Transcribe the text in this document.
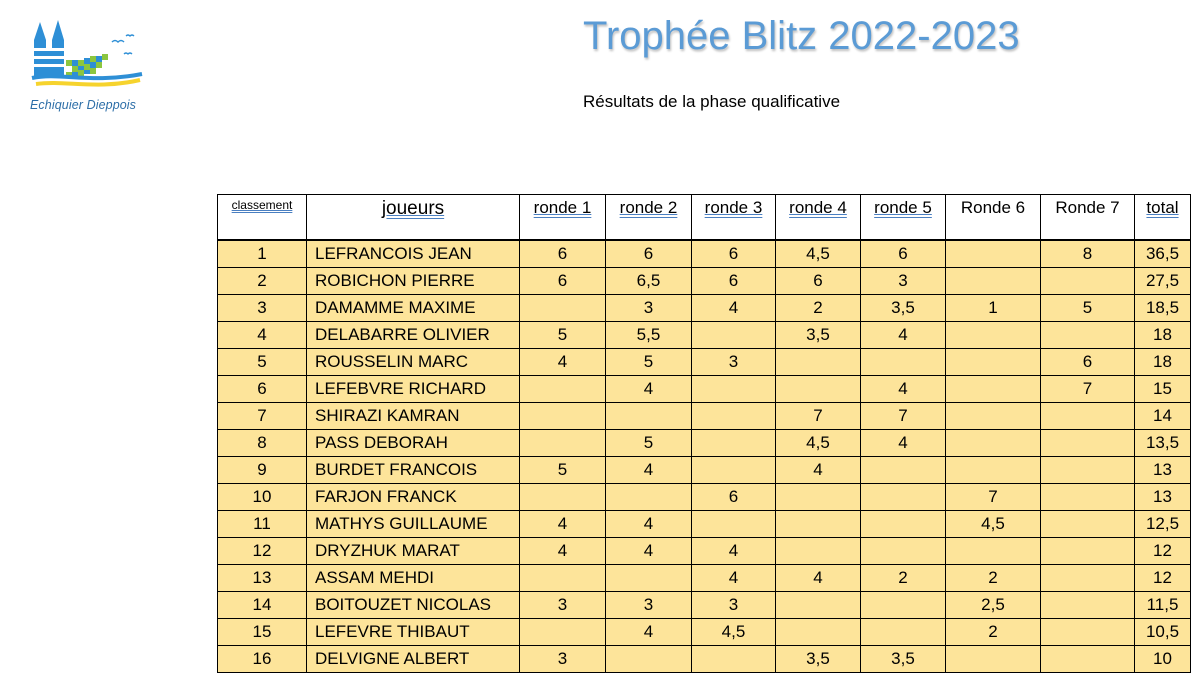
Echiquier Dieppois
Trophée Blitz 2022-2023
Résultats de la phase qualificative
classement	joueurs	ronde 1	ronde 2	ronde 3	ronde 4	ronde 5	Ronde 6	Ronde 7	total
1	LEFRANCOIS JEAN	6	6	6	4,5	6		8	36,5
2	ROBICHON PIERRE	6	6,5	6	6	3			27,5
3	DAMAMME MAXIME		3	4	2	3,5	1	5	18,5
4	DELABARRE OLIVIER	5	5,5		3,5	4			18
5	ROUSSELIN MARC	4	5	3				6	18
6	LEFEBVRE RICHARD		4			4		7	15
7	SHIRAZI KAMRAN				7	7			14
8	PASS DEBORAH		5		4,5	4			13,5
9	BURDET FRANCOIS	5	4		4				13
10	FARJON FRANCK			6			7		13
11	MATHYS GUILLAUME	4	4				4,5		12,5
12	DRYZHUK MARAT	4	4	4					12
13	ASSAM MEHDI			4	4	2	2		12
14	BOITOUZET NICOLAS	3	3	3			2,5		11,5
15	LEFEVRE THIBAUT		4	4,5			2		10,5
16	DELVIGNE ALBERT	3			3,5	3,5			10
